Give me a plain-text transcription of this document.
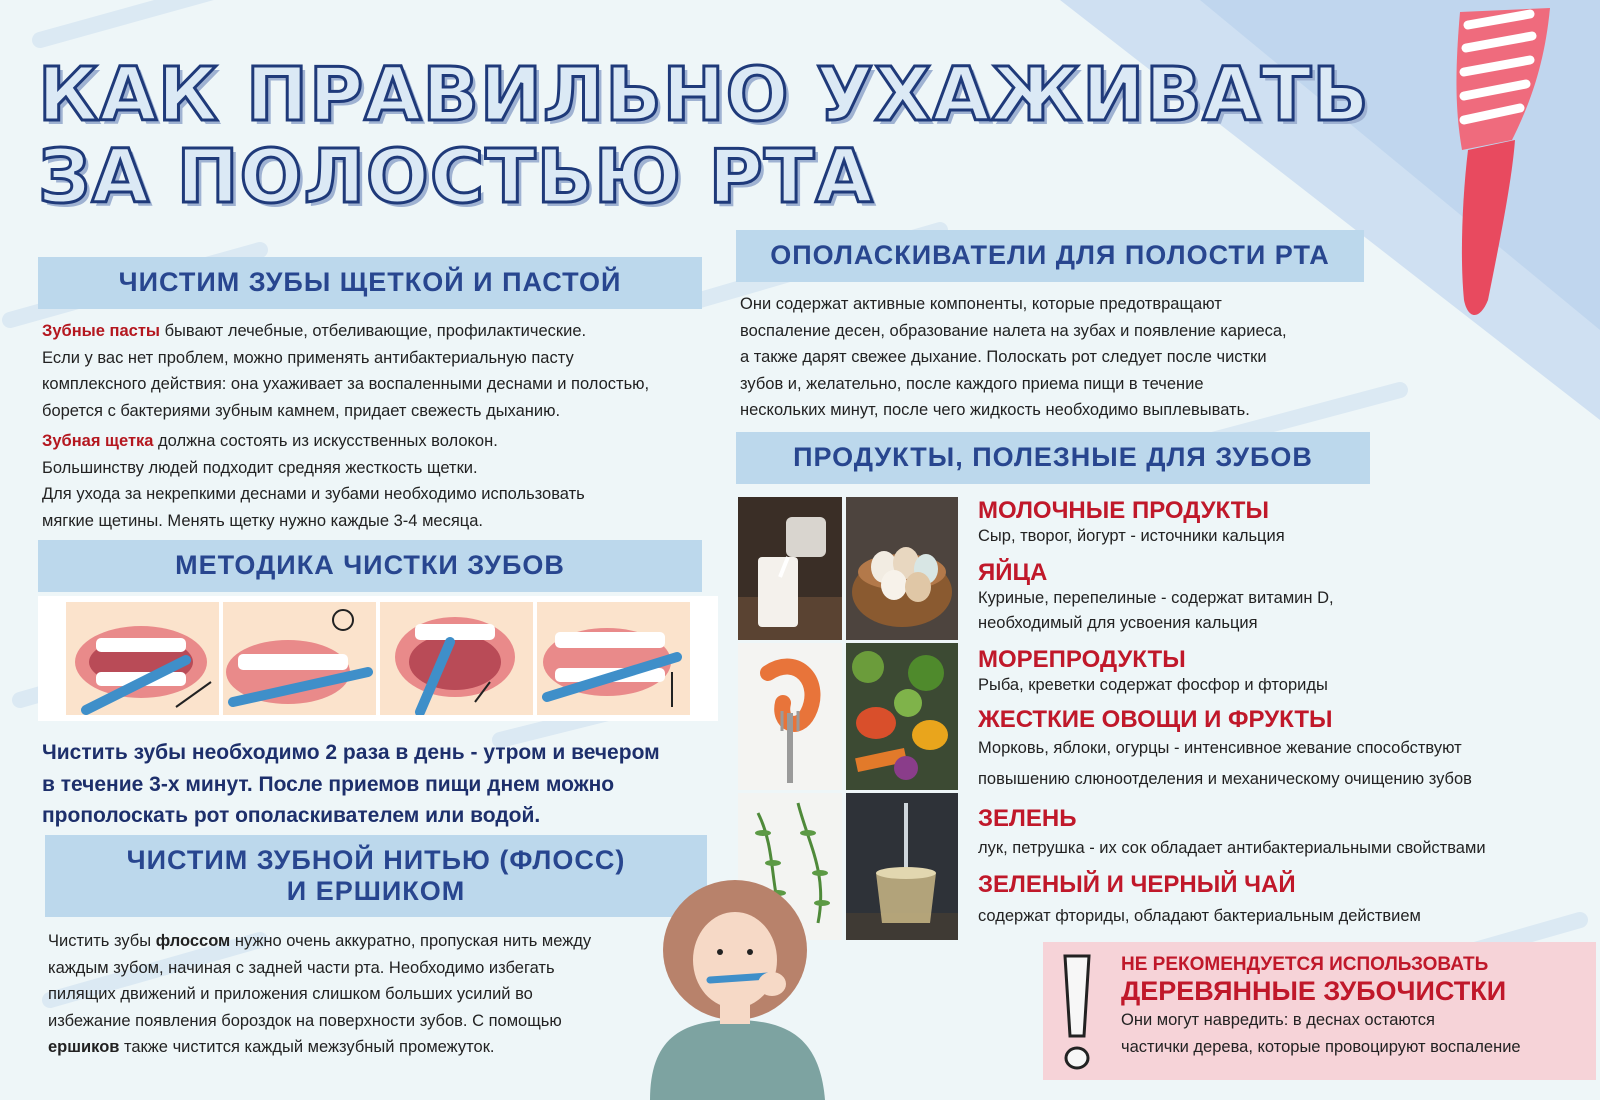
КАК ПРАВИЛЬНО УХАЖИВАТЬ
ЗА ПОЛОСТЬЮ РТА
ЧИСТИМ ЗУБЫ ЩЕТКОЙ И ПАСТОЙ
Зубные пасты бывают лечебные, отбеливающие, профилактические.
Если у вас нет проблем, можно применять антибактериальную пасту
комплексного действия: она ухаживает за воспаленными деснами и полостью,
борется с бактериями зубным камнем, придает свежесть дыханию.
Зубная щетка должна состоять из искусственных волокон.
Большинству людей подходит средняя жесткость щетки.
Для ухода за некрепкими деснами и зубами необходимо использовать
мягкие щетины. Менять щетку нужно каждые 3-4 месяца.
МЕТОДИКА ЧИСТКИ ЗУБОВ
Чистить зубы необходимо 2 раза в день - утром и вечером
в течение 3-х минут. После приемов пищи днем можно
прополоскать рот ополаскивателем или водой.
ЧИСТИМ ЗУБНОЙ НИТЬЮ (ФЛОСС)
И ЕРШИКОМ
Чистить зубы флоссом нужно очень аккуратно, пропуская нить между
каждым зубом, начиная с задней части рта. Необходимо избегать
пилящих движений и приложения слишком больших усилий во
избежание появления бороздок на поверхности зубов. С помощью
ершиков также чистится каждый межзубный промежуток.
ОПОЛАСКИВАТЕЛИ ДЛЯ ПОЛОСТИ РТА
Они содержат активные компоненты, которые предотвращают
воспаление десен, образование налета на зубах и появление кариеса,
а также дарят свежее дыхание. Полоскать рот следует после чистки
зубов и, желательно, после каждого приема пищи в течение
нескольких минут, после чего жидкость необходимо выплевывать.
ПРОДУКТЫ, ПОЛЕЗНЫЕ ДЛЯ ЗУБОВ
МОЛОЧНЫЕ ПРОДУКТЫ
Сыр, творог, йогурт - источники кальция
ЯЙЦА
Куриные, перепелиные - содержат витамин D,
необходимый для усвоения кальция
МОРЕПРОДУКТЫ
Рыба, креветки содержат фосфор и фториды
ЖЕСТКИЕ ОВОЩИ И ФРУКТЫ
Морковь, яблоки, огурцы - интенсивное жевание способствуют
повышению слюноотделения и механическому очищению зубов
ЗЕЛЕНЬ
лук, петрушка - их сок обладает антибактериальными свойствами
ЗЕЛЕНЫЙ И ЧЕРНЫЙ ЧАЙ
содержат фториды, обладают бактериальным действием
НЕ РЕКОМЕНДУЕТСЯ ИСПОЛЬЗОВАТЬ
ДЕРЕВЯННЫЕ ЗУБОЧИСТКИ
Они могут навредить: в деснах остаются
частички дерева, которые провоцируют воспаление
